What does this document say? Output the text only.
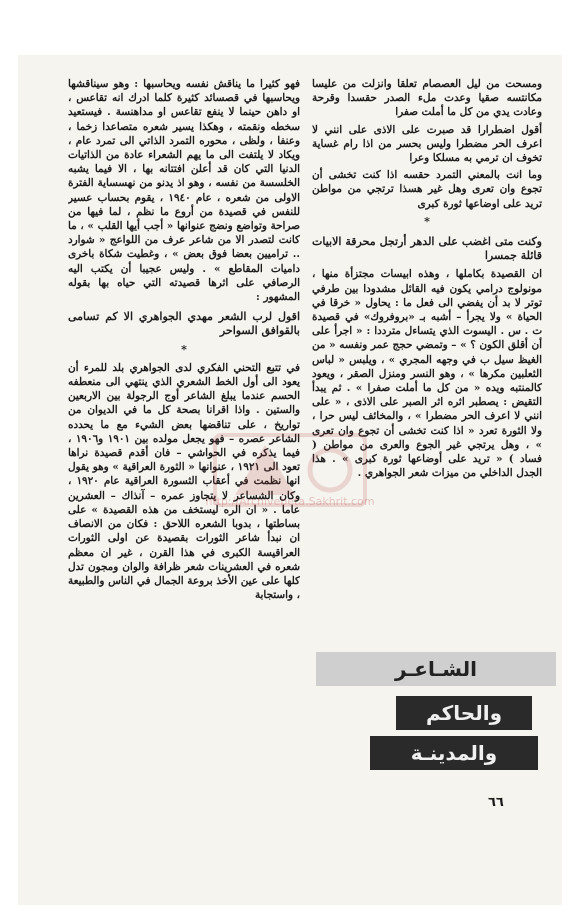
ومسحت من ليل العصصام تعلقا وانزلت من عليسا مكانتسه صقيا وعدت ملء الصدر حقسدا وقرحة وعادت يدي من كل ما أملت صفرا

أقول اضطرارا قد صبرت على الاذى على انني لا اعرف الحر مضطرا وليس بحسر من اذا رام غساية تخوف ان ترمي به مسلكا وعرا

وما انت بالمعني التمرد حقسه اذا كنت تخشى أن تجوع وان تعرى وهل غير هسذا ترتجي من مواطن تريد على اوضاعها ثورة كبرى

*

وكنت متى اغضب على الدهر أرتجل محرقة الابيات قائلة جمسرا

ان القصيدة بكاملها ، وهذه ابيسات مجتزأة منها ، مونولوج درامي يكون فيه القائل مشدودا بين طرفي توتر لا بد أن يفضي الى فعل ما : يحاول « خرقا في الحياة » ولا يجرأ – أشبه بـ «بروفروك» في قصيدة ت . س . اليسوت الذي يتساءل مترددا : « اجرأ على أن أقلق الكون ؟ » – وتمضي حجج عمر ونفسه « من الغيظ سيل ب في وجهه المجري » ، ويلبس « لباس الثعلبين مكرها » ، وهو النسر ومنزل الصقر ، ويعود كالمنتبه ويده « من كل ما أملت صفرا » . ثم يبدأ التقيض : يصطبر اثره اثر الصبر على الاذى ، « على انني لا اعرف الحر مضطرا » ، والمخائف ليس حرا ، ولا الثورة تعرد « اذا كنت تخشى أن تجوع وان تعرى » ، وهل يرتجي غير الجوع والعرى من مواطن ( فساد ) « تريد على أوضاعها ثورة كبرى » . هذا الجدل الداخلي من ميزات شعر الجواهري .

فهو كثيرا ما يناقش نفسه ويحاسبها : وهو سيناقشها ويحاسبها في قصسائد كثيرة كلما ادرك انه تقاعس ، او داهن حينما لا ينفع تقاعس او مداهنسة . فيستعيد سخطه ونقمته ، وهكذا يسير شعره متصاعدا زخما ، وعنفا ، ولظى ، محوره التمرد الذاتي الى تمرد عام ، ويكاد لا يلتفت الى ما يهم الشعراء عادة من الذاتيات الدنيا التي كان قد أعلن افتتانه بها ، الا فيما يشبه الخلسسة من نفسه ، وهو اذ يدنو من نهسساية الفترة الاولى من شعره ، عام ١٩٤٠ ، يقوم بحساب عسير للنفس في قصيدة من أروع ما نظم ، لما فيها من صراحة وتواضع ونضج عنوانها « أجب أيها القلب » ، ما كانت لتصدر الا من شاعر عرف من اللواعج « شوارد .. تراميين بعضا فوق بعض » ، وغطيت شكاة باخرى داميات المقاطع » . وليس عجيبا أن يكتب اليه الرصافي على اثرها قصيدته التي حياه بها بقوله المشهور :

اقول لرب الشعر مهدي الجواهري الا كم تسامى بالقوافق السواحر

*

في تتبع التحني الفكري لدى الجواهري بلد للمرء أن يعود الى أول الخط الشعري الذي ينتهي الى منعطفه الحسم عندما يبلغ الشاعر أوج الرجولة بين الاربعين والستين . واذا اقرانا بصحة كل ما في الديوان من تواريخ ، على تناقضها بعض الشيء مع ما يحدده الشاعر عصره – فهو يجعل مولده بين ١٩٠١ و١٩٠٦ ، فيما يذكره في الحواشي – فان أقدم قصيدة نراها تعود الى ١٩٢١ ، عنوانها « الثورة العراقية » وهو يقول انها نظمت في أعقاب الثسورة العراقية عام ١٩٢٠ ، وكان الشساعر لا يتجاوز عمره – آنذاك – العشرين عاما . « ان الره ليستخف من هذه القصيدة » على بساطتها ، بدوبا الشعره اللاحق : فكان من الانصاف ان نبدأ شاعر الثورات بقصيدة عن اولى الثورات العراقيسة الكبرى في هذا القرن ، غير ان معظم شعره في العشرينات شعر ظرافة والوان ومجون تدل كلها على عين الأخذ بروعة الجمال في الناس والطبيعة ، واستجابة

الشـاعـر
والحاكم
والمدينـة
٦٦
http://Archivebeta.Sakhrit.com
